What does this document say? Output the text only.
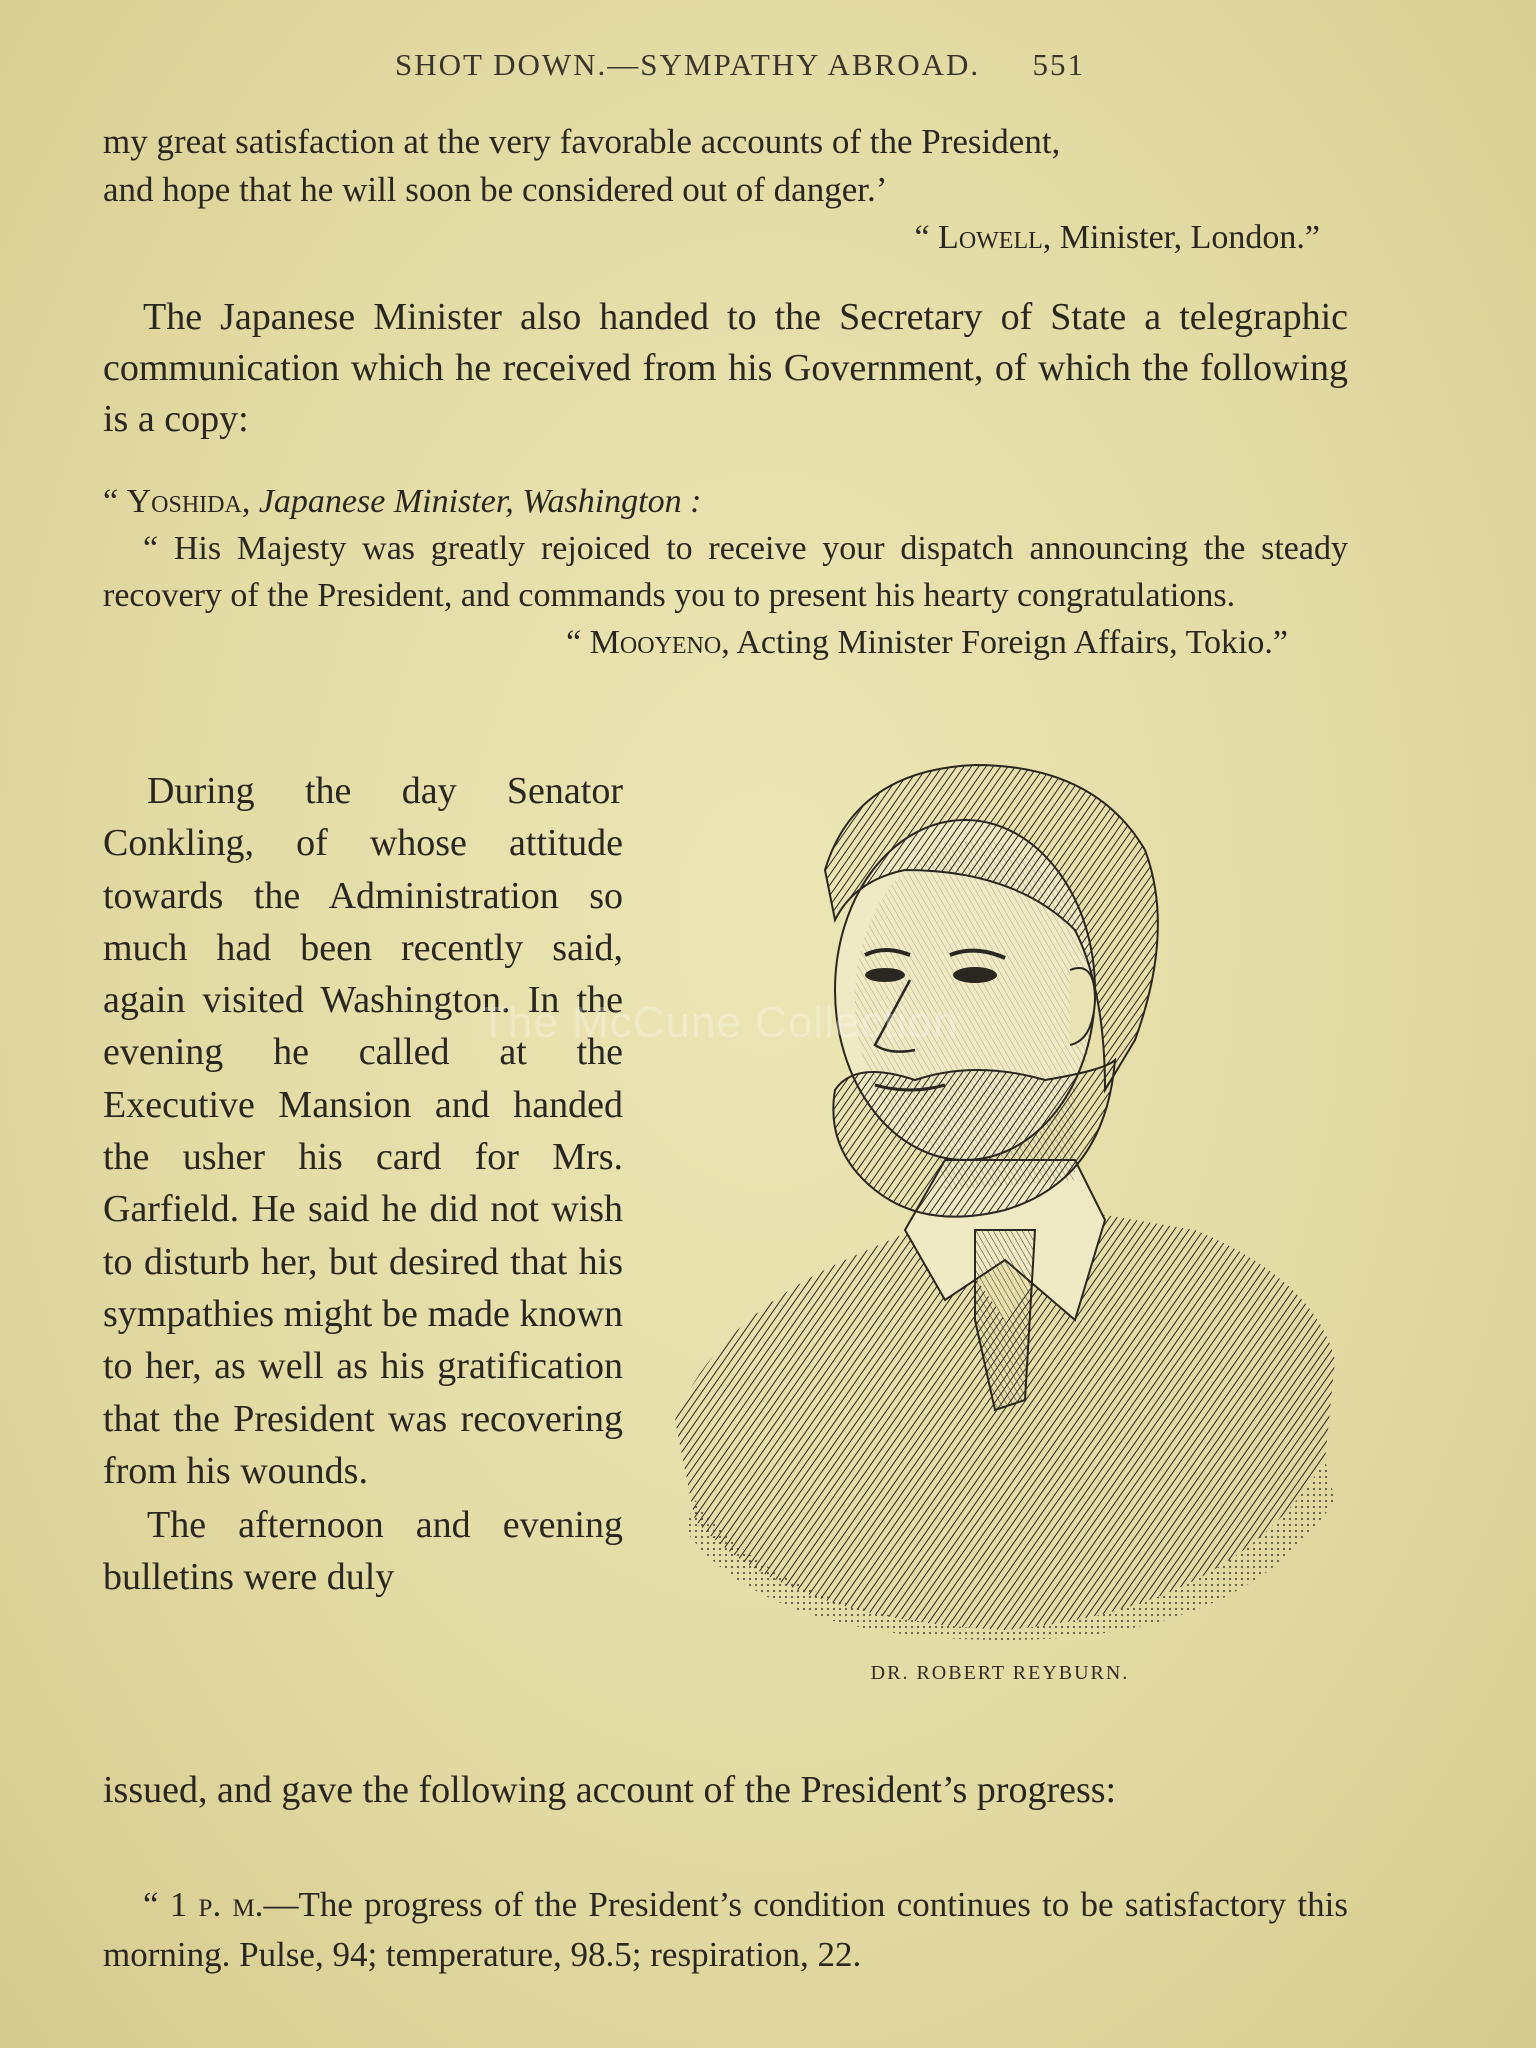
SHOT DOWN.—SYMPATHY ABROAD. 551

my great satisfaction at the very favorable accounts of the President,

and hope that he will soon be considered out of danger.’

“ Lowell, Minister, London.”

The Japanese Minister also handed to the Secretary of State a telegraphic communication which he received from his Government, of which the following is a copy:

“ Yoshida, Japanese Minister, Washington :

“ His Majesty was greatly rejoiced to receive your dispatch announcing the steady recovery of the President, and commands you to present his hearty congratulations.

“ Mooyeno, Acting Minister Foreign Affairs, Tokio.”

During the day Senator Conkling, of whose attitude towards the Administration so much had been recently said, again visited Washington. In the evening he called at the Executive Mansion and handed the usher his card for Mrs. Garfield. He said he did not wish to disturb her, but desired that his sympathies might be made known to her, as well as his gratification that the President was recovering from his wounds.

The afternoon and evening bulletins were duly

issued, and gave the following account of the President’s progress:

“ 1 p. m.—The progress of the President’s condition continues to be satisfactory this morning. Pulse, 94; temperature, 98.5; respiration, 22.

The McCune Collection
DR. ROBERT REYBURN.
